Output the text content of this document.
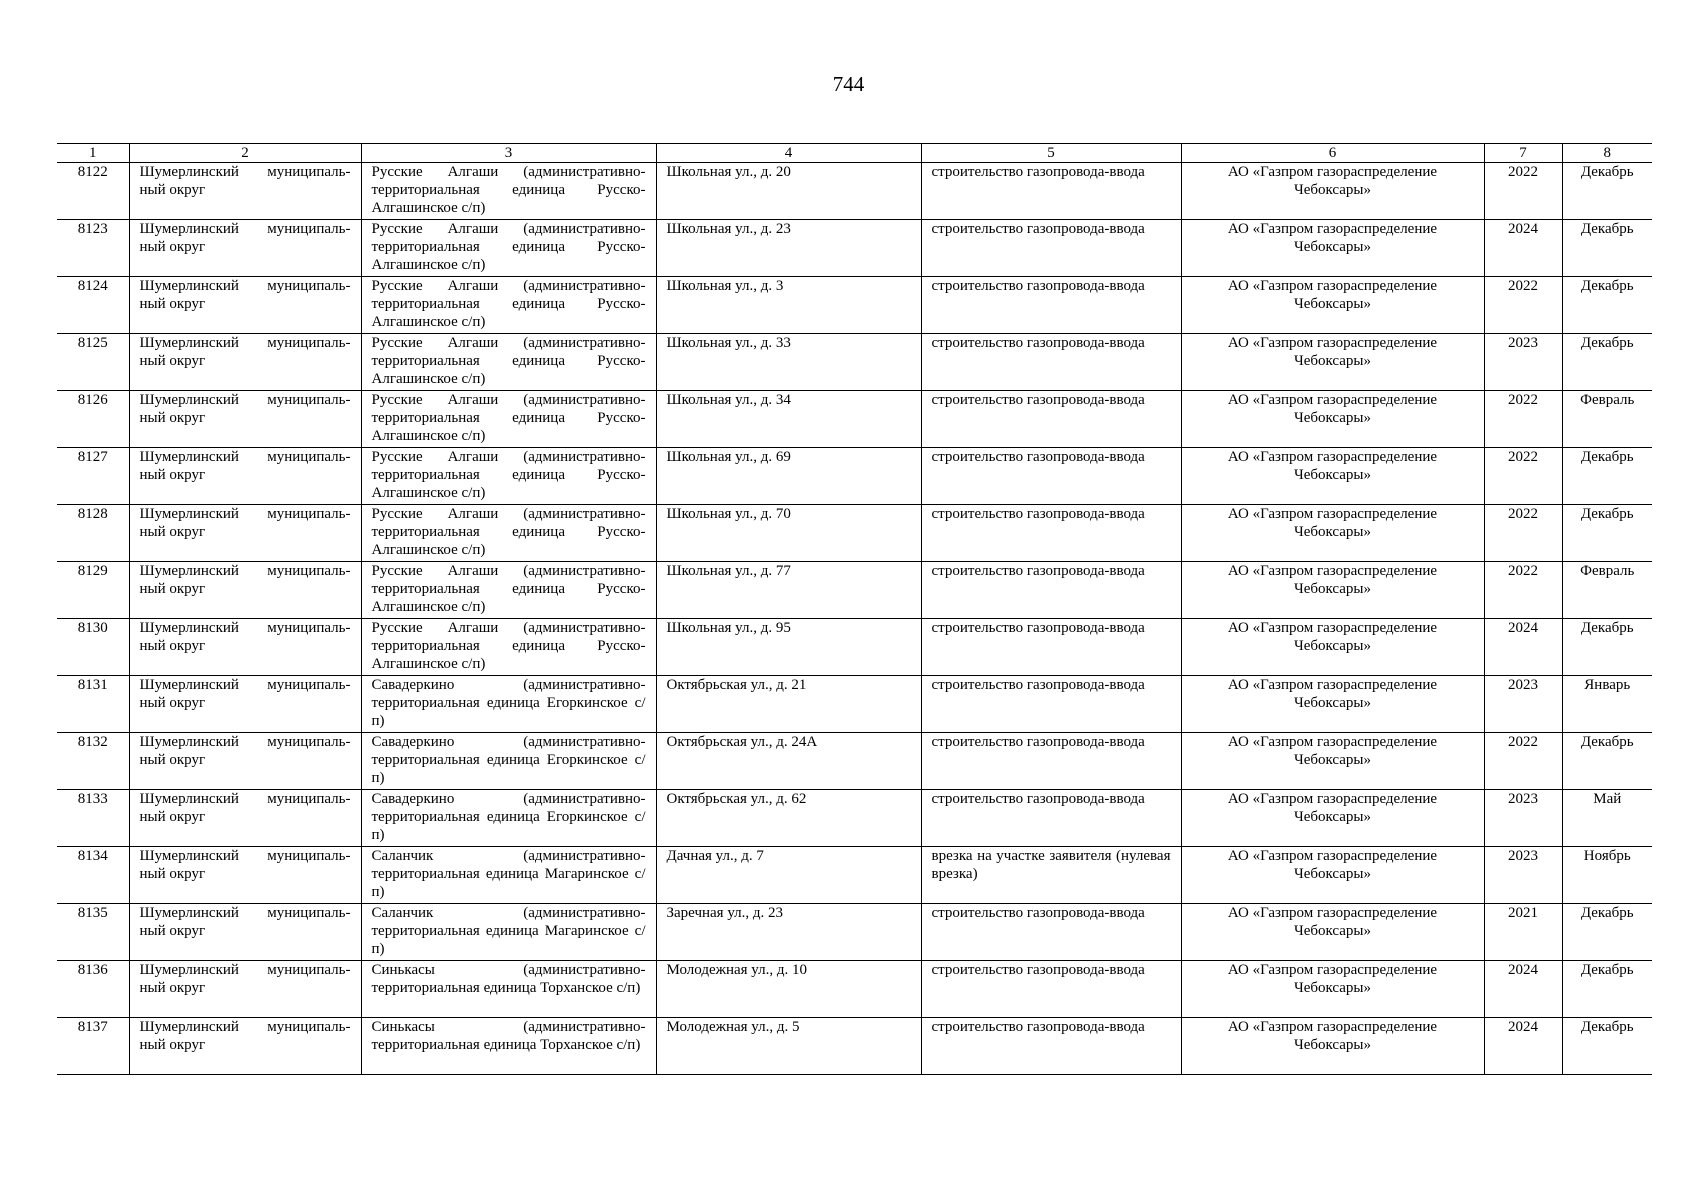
744
1	2	3	4	5	6	7	8
8122	Шумерлинский муниципаль-ный округ	Русские Алгаши (административно-территориальная единица Русско-Алгашинское с/п)	Школьная ул., д. 20	строительство газопровода-ввода	АО «Газпром газораспределение Чебоксары»	2022	Декабрь
8123	Шумерлинский муниципаль-ный округ	Русские Алгаши (административно-территориальная единица Русско-Алгашинское с/п)	Школьная ул., д. 23	строительство газопровода-ввода	АО «Газпром газораспределение Чебоксары»	2024	Декабрь
8124	Шумерлинский муниципаль-ный округ	Русские Алгаши (административно-территориальная единица Русско-Алгашинское с/п)	Школьная ул., д. 3	строительство газопровода-ввода	АО «Газпром газораспределение Чебоксары»	2022	Декабрь
8125	Шумерлинский муниципаль-ный округ	Русские Алгаши (административно-территориальная единица Русско-Алгашинское с/п)	Школьная ул., д. 33	строительство газопровода-ввода	АО «Газпром газораспределение Чебоксары»	2023	Декабрь
8126	Шумерлинский муниципаль-ный округ	Русские Алгаши (административно-территориальная единица Русско-Алгашинское с/п)	Школьная ул., д. 34	строительство газопровода-ввода	АО «Газпром газораспределение Чебоксары»	2022	Февраль
8127	Шумерлинский муниципаль-ный округ	Русские Алгаши (административно-территориальная единица Русско-Алгашинское с/п)	Школьная ул., д. 69	строительство газопровода-ввода	АО «Газпром газораспределение Чебоксары»	2022	Декабрь
8128	Шумерлинский муниципаль-ный округ	Русские Алгаши (административно-территориальная единица Русско-Алгашинское с/п)	Школьная ул., д. 70	строительство газопровода-ввода	АО «Газпром газораспределение Чебоксары»	2022	Декабрь
8129	Шумерлинский муниципаль-ный округ	Русские Алгаши (административно-территориальная единица Русско-Алгашинское с/п)	Школьная ул., д. 77	строительство газопровода-ввода	АО «Газпром газораспределение Чебоксары»	2022	Февраль
8130	Шумерлинский муниципаль-ный округ	Русские Алгаши (административно-территориальная единица Русско-Алгашинское с/п)	Школьная ул., д. 95	строительство газопровода-ввода	АО «Газпром газораспределение Чебоксары»	2024	Декабрь
8131	Шумерлинский муниципаль-ный округ	Савадеркино (административно-территориальная единица Егоркинское с/п)	Октябрьская ул., д. 21	строительство газопровода-ввода	АО «Газпром газораспределение Чебоксары»	2023	Январь
8132	Шумерлинский муниципаль-ный округ	Савадеркино (административно-территориальная единица Егоркинское с/п)	Октябрьская ул., д. 24А	строительство газопровода-ввода	АО «Газпром газораспределение Чебоксары»	2022	Декабрь
8133	Шумерлинский муниципаль-ный округ	Савадеркино (административно-территориальная единица Егоркинское с/п)	Октябрьская ул., д. 62	строительство газопровода-ввода	АО «Газпром газораспределение Чебоксары»	2023	Май
8134	Шумерлинский муниципаль-ный округ	Саланчик (административно-территориальная единица Магаринское с/п)	Дачная ул., д. 7	врезка на участке заявителя (нулевая врезка)	АО «Газпром газораспределение Чебоксары»	2023	Ноябрь
8135	Шумерлинский муниципаль-ный округ	Саланчик (административно-территориальная единица Магаринское с/п)	Заречная ул., д. 23	строительство газопровода-ввода	АО «Газпром газораспределение Чебоксары»	2021	Декабрь
8136	Шумерлинский муниципаль-ный округ	Синькасы (административно-территориальная единица Торханское с/п)	Молодежная ул., д. 10	строительство газопровода-ввода	АО «Газпром газораспределение Чебоксары»	2024	Декабрь
8137	Шумерлинский муниципаль-ный округ	Синькасы (административно-территориальная единица Торханское с/п)	Молодежная ул., д. 5	строительство газопровода-ввода	АО «Газпром газораспределение Чебоксары»	2024	Декабрь
